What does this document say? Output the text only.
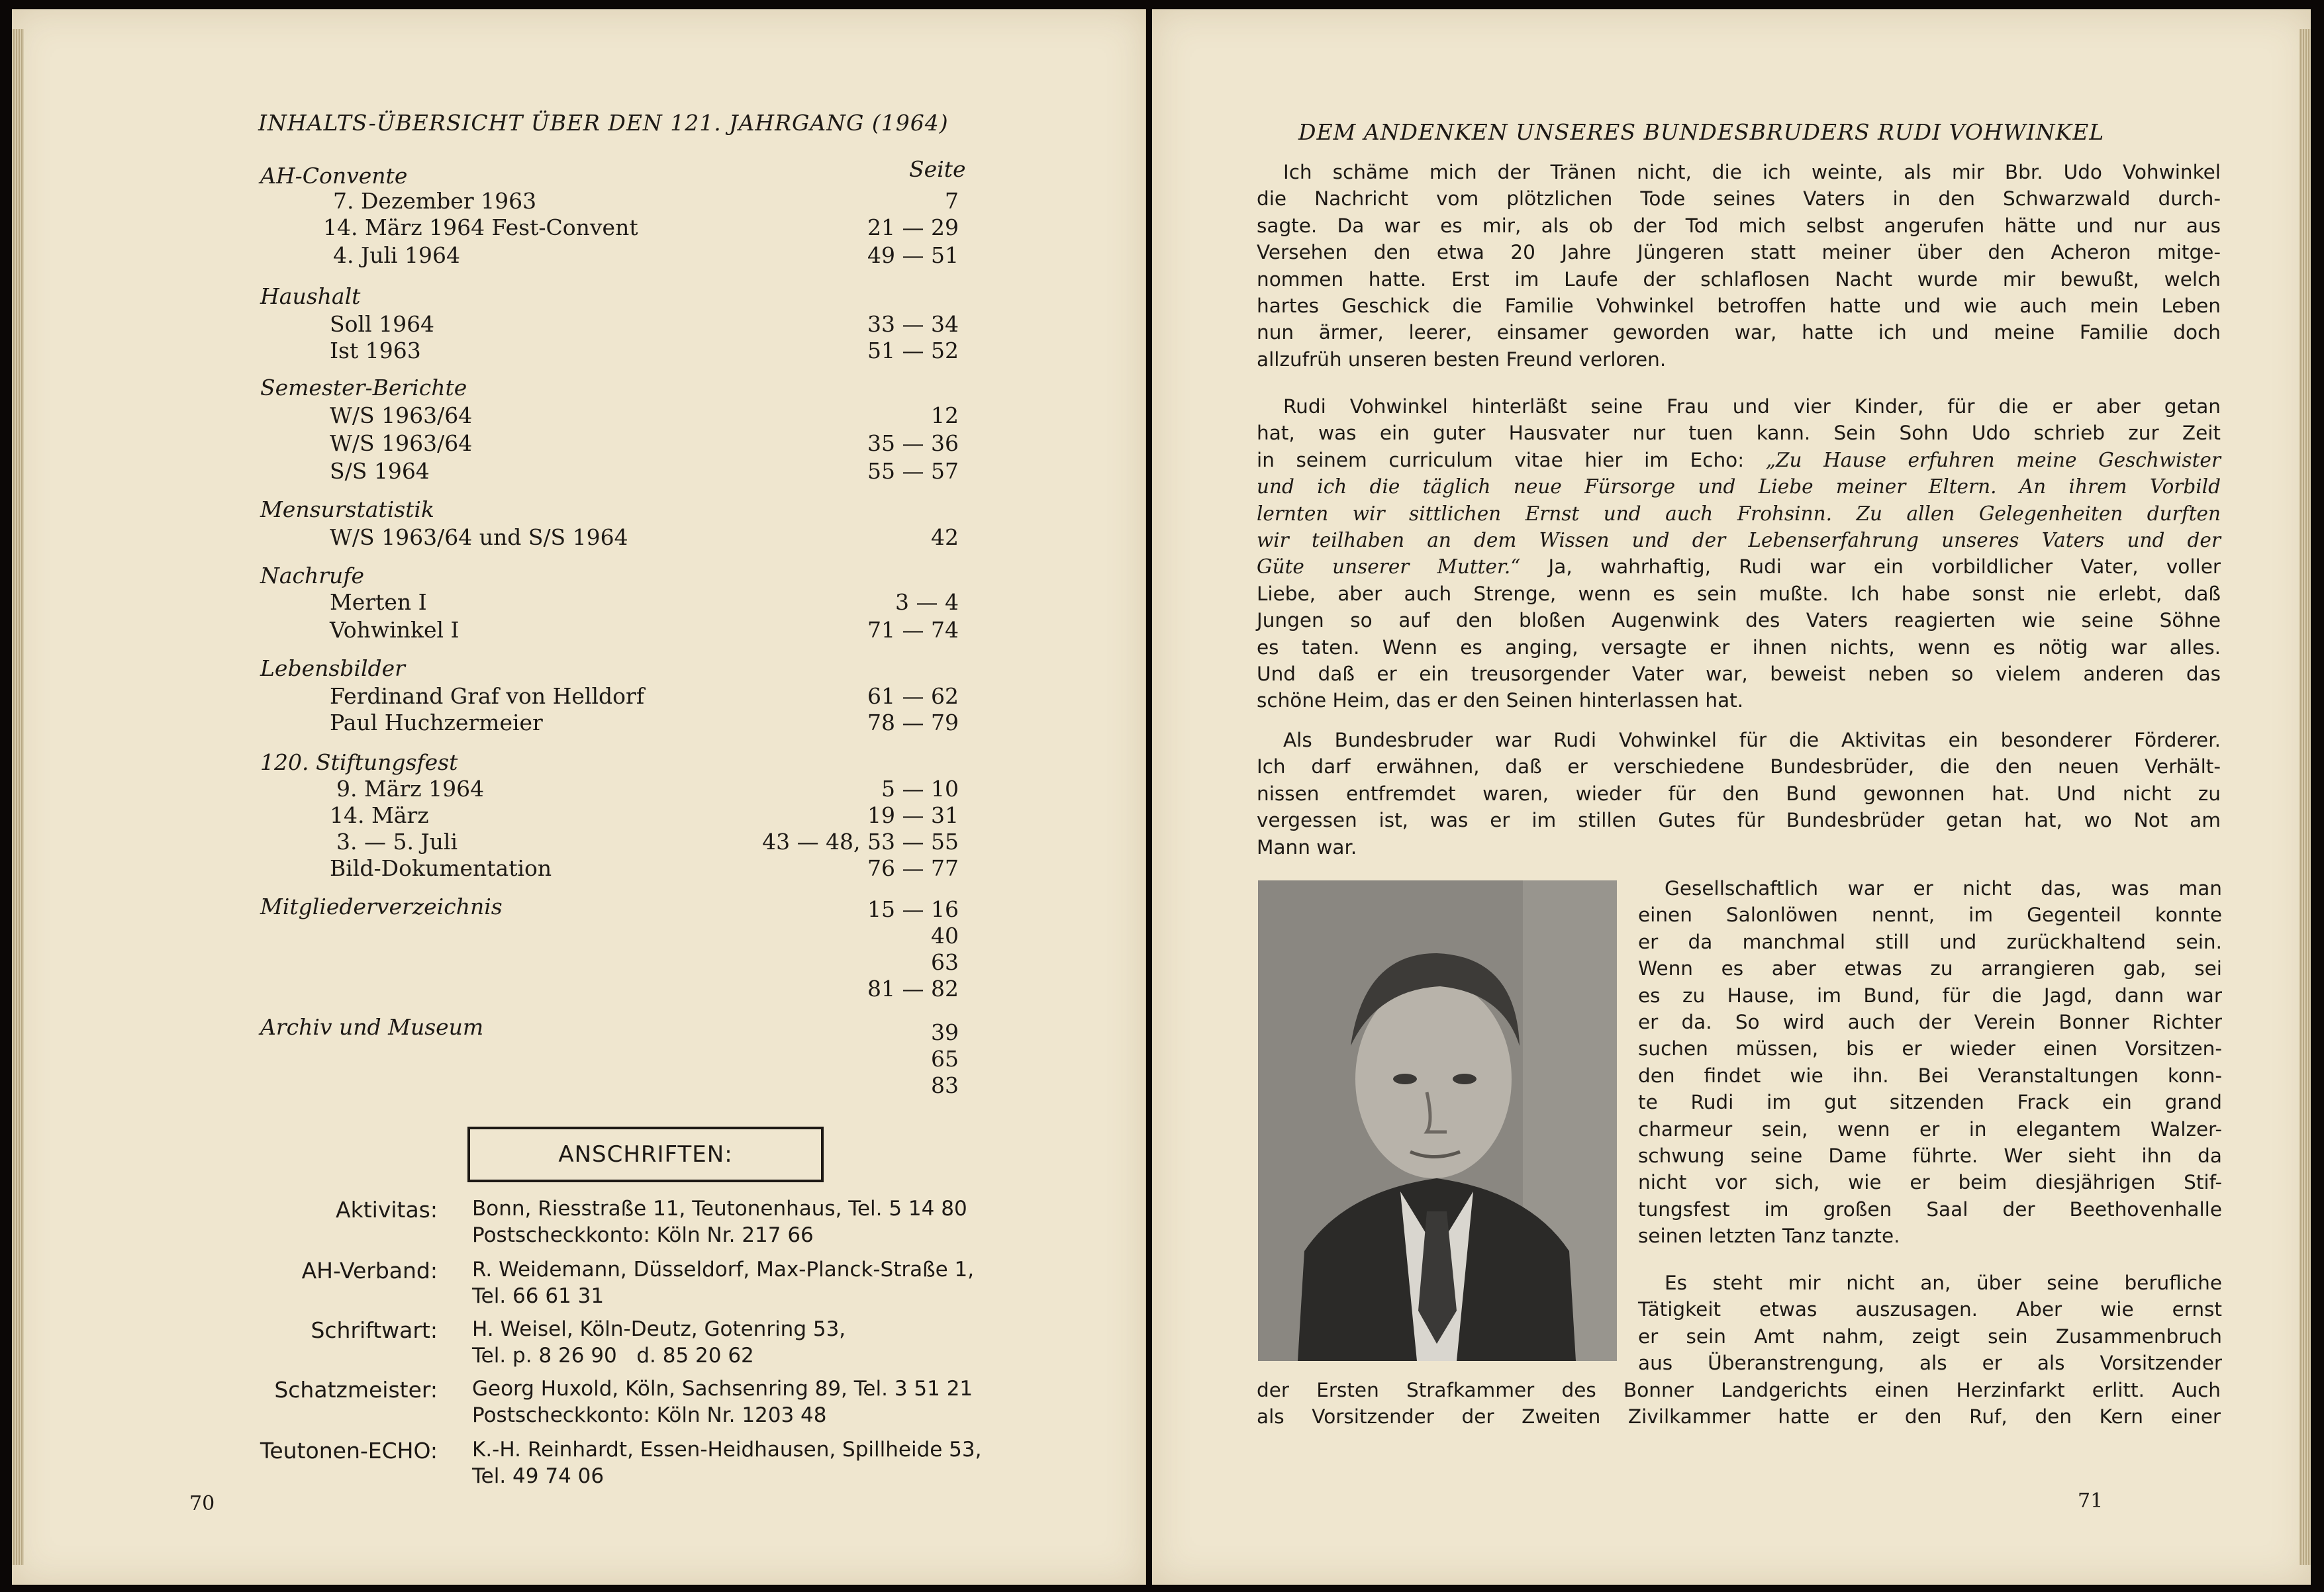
INHALTS-ÜBERSICHT ÜBER DEN 121. JAHRGANG (1964)
Seite
AH-Convente
7. Dezember 1963	7
14. März 1964 Fest-Convent	21 — 29
4. Juli 1964	49 — 51
Haushalt
Soll 1964	33 — 34
Ist 1963	51 — 52
Semester-Berichte
W/S 1963/64	12
W/S 1963/64	35 — 36
S/S 1964	55 — 57
Mensurstatistik
W/S 1963/64 und S/S 1964	42
Nachrufe
Merten I	3 — 4
Vohwinkel I	71 — 74
Lebensbilder
Ferdinand Graf von Helldorf	61 — 62
Paul Huchzermeier	78 — 79
120. Stiftungsfest
9. März 1964	5 — 10
14. März	19 — 31
3. — 5. Juli	43 — 48, 53 — 55
Bild-Dokumentation	76 — 77
Mitgliederverzeichnis	15 — 16
40
63
81 — 82
Archiv und Museum	39
65
83
ANSCHRIFTEN:
Aktivitas: Bonn, Riesstraße 11, Teutonenhaus, Tel. 5 14 80
Postscheckkonto: Köln Nr. 217 66
AH-Verband: R. Weidemann, Düsseldorf, Max-Planck-Straße 1,
Tel. 66 61 31
Schriftwart: H. Weisel, Köln-Deutz, Gotenring 53,
Tel. p. 8 26 90   d. 85 20 62
Schatzmeister: Georg Huxold, Köln, Sachsenring 89, Tel. 3 51 21
Postscheckkonto: Köln Nr. 1203 48
Teutonen-ECHO: K.-H. Reinhardt, Essen-Heidhausen, Spillheide 53,
Tel. 49 74 06
70
DEM ANDENKEN UNSERES BUNDESBRUDERS RUDI VOHWINKEL
Ich schäme mich der Tränen nicht, die ich weinte, als mir Bbr. Udo Vohwinkel
die Nachricht vom plötzlichen Tode seines Vaters in den Schwarzwald durch-
sagte. Da war es mir, als ob der Tod mich selbst angerufen hätte und nur aus
Versehen den etwa 20 Jahre Jüngeren statt meiner über den Acheron mitge-
nommen hatte. Erst im Laufe der schlaflosen Nacht wurde mir bewußt, welch
hartes Geschick die Familie Vohwinkel betroffen hatte und wie auch mein Leben
nun ärmer, leerer, einsamer geworden war, hatte ich und meine Familie doch
allzufrüh unseren besten Freund verloren.
Rudi Vohwinkel hinterläßt seine Frau und vier Kinder, für die er aber getan
hat, was ein guter Hausvater nur tuen kann. Sein Sohn Udo schrieb zur Zeit
in seinem curriculum vitae hier im Echo: „Zu Hause erfuhren meine Geschwister
und ich die täglich neue Fürsorge und Liebe meiner Eltern. An ihrem Vorbild
lernten wir sittlichen Ernst und auch Frohsinn. Zu allen Gelegenheiten durften
wir teilhaben an dem Wissen und der Lebenserfahrung unseres Vaters und der
Güte unserer Mutter.“ Ja, wahrhaftig, Rudi war ein vorbildlicher Vater, voller
Liebe, aber auch Strenge, wenn es sein mußte. Ich habe sonst nie erlebt, daß
Jungen so auf den bloßen Augenwink des Vaters reagierten wie seine Söhne
es taten. Wenn es anging, versagte er ihnen nichts, wenn es nötig war alles.
Und daß er ein treusorgender Vater war, beweist neben so vielem anderen das
schöne Heim, das er den Seinen hinterlassen hat.
Als Bundesbruder war Rudi Vohwinkel für die Aktivitas ein besonderer Förderer.
Ich darf erwähnen, daß er verschiedene Bundesbrüder, die den neuen Verhält-
nissen entfremdet waren, wieder für den Bund gewonnen hat. Und nicht zu
vergessen ist, was er im stillen Gutes für Bundesbrüder getan hat, wo Not am
Mann war.
Gesellschaftlich war er nicht das, was man
einen Salonlöwen nennt, im Gegenteil konnte
er da manchmal still und zurückhaltend sein.
Wenn es aber etwas zu arrangieren gab, sei
es zu Hause, im Bund, für die Jagd, dann war
er da. So wird auch der Verein Bonner Richter
suchen müssen, bis er wieder einen Vorsitzen-
den findet wie ihn. Bei Veranstaltungen konn-
te Rudi im gut sitzenden Frack ein grand
charmeur sein, wenn er in elegantem Walzer-
schwung seine Dame führte. Wer sieht ihn da
nicht vor sich, wie er beim diesjährigen Stif-
tungsfest im großen Saal der Beethovenhalle
seinen letzten Tanz tanzte.
Es steht mir nicht an, über seine berufliche
Tätigkeit etwas auszusagen. Aber wie ernst
er sein Amt nahm, zeigt sein Zusammenbruch
aus Überanstrengung, als er als Vorsitzender
der Ersten Strafkammer des Bonner Landgerichts einen Herzinfarkt erlitt. Auch
als Vorsitzender der Zweiten Zivilkammer hatte er den Ruf, den Kern einer
71
